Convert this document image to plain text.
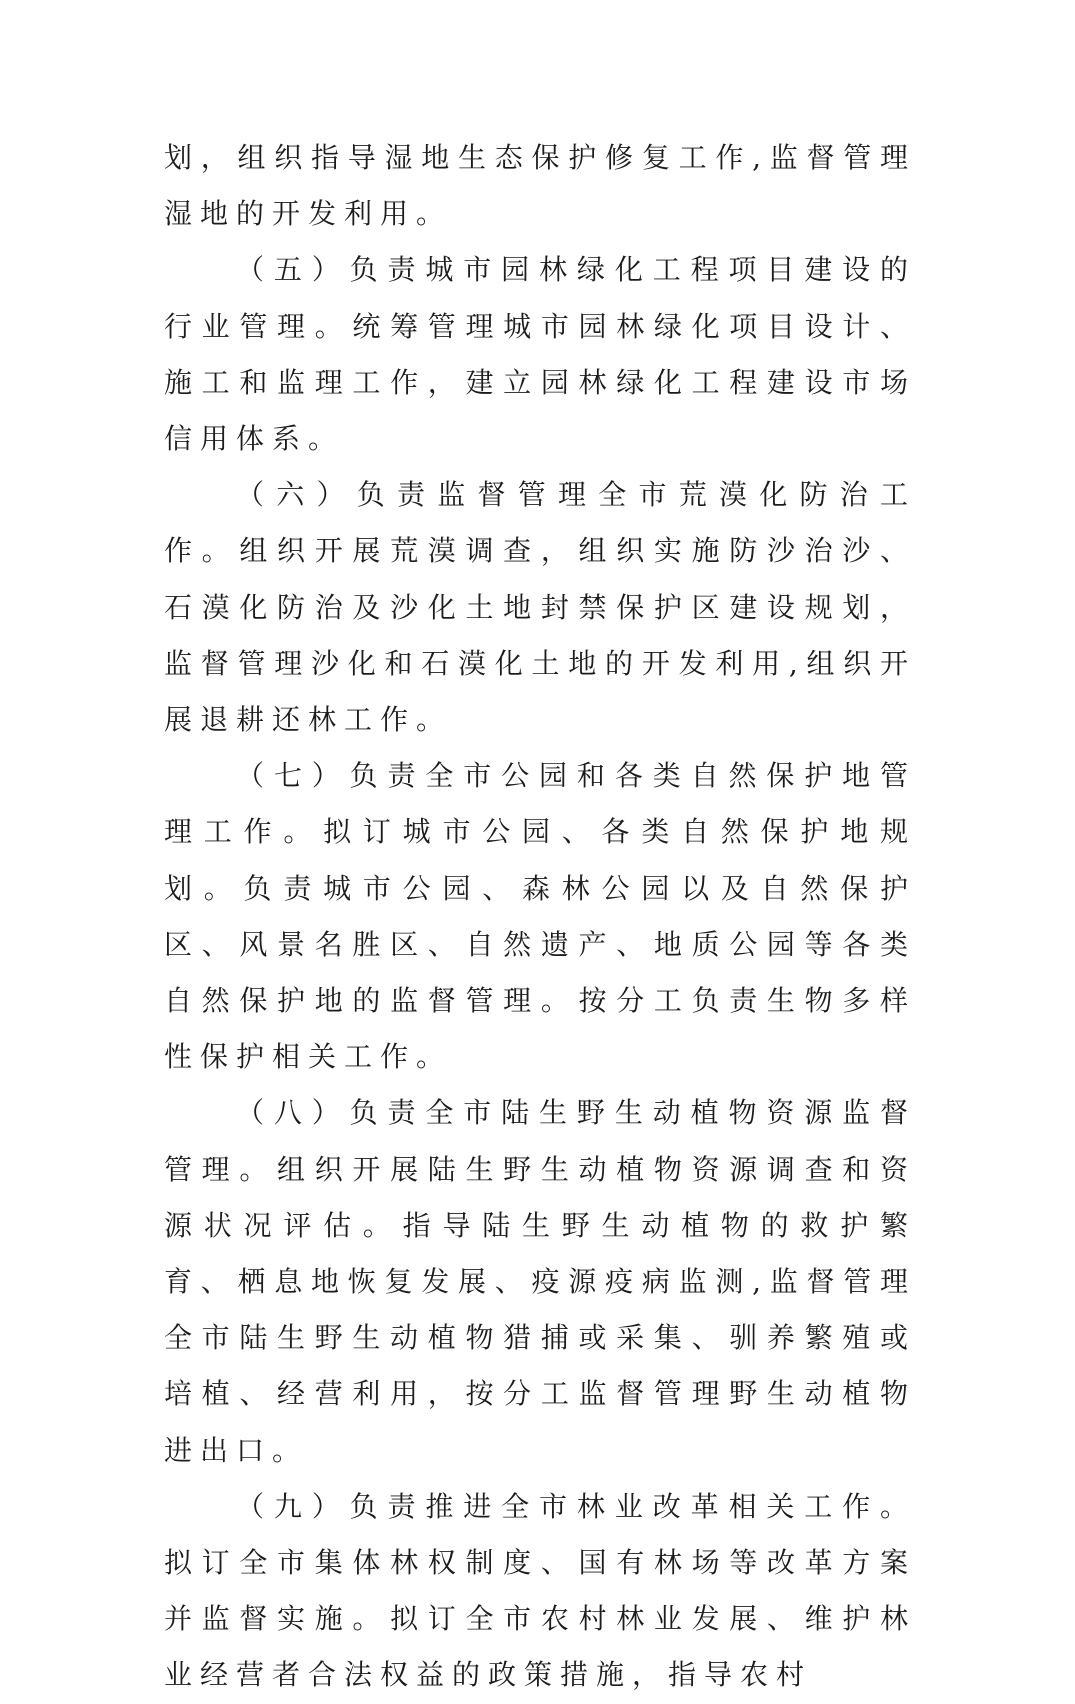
划，组织指导湿地生态保护修复工作,监督管理湿地的开发利用。

（五）负责城市园林绿化工程项目建设的行业管理。统筹管理城市园林绿化项目设计、施工和监理工作，建立园林绿化工程建设市场信用体系。

（六）负责监督管理全市荒漠化防治工作。组织开展荒漠调查，组织实施防沙治沙、石漠化防治及沙化土地封禁保护区建设规划，监督管理沙化和石漠化土地的开发利用,组织开展退耕还林工作。

（七）负责全市公园和各类自然保护地管理工作。拟订城市公园、各类自然保护地规划。负责城市公园、森林公园以及自然保护区、风景名胜区、自然遗产、地质公园等各类自然保护地的监督管理。按分工负责生物多样性保护相关工作。

（八）负责全市陆生野生动植物资源监督管理。组织开展陆生野生动植物资源调查和资源状况评估。指导陆生野生动植物的救护繁育、栖息地恢复发展、疫源疫病监测,监督管理全市陆生野生动植物猎捕或采集、驯养繁殖或培植、经营利用，按分工监督管理野生动植物进出口。

（九）负责推进全市林业改革相关工作。拟订全市集体林权制度、国有林场等改革方案并监督实施。拟订全市农村林业发展、维护林业经营者合法权益的政策措施，指导农村
